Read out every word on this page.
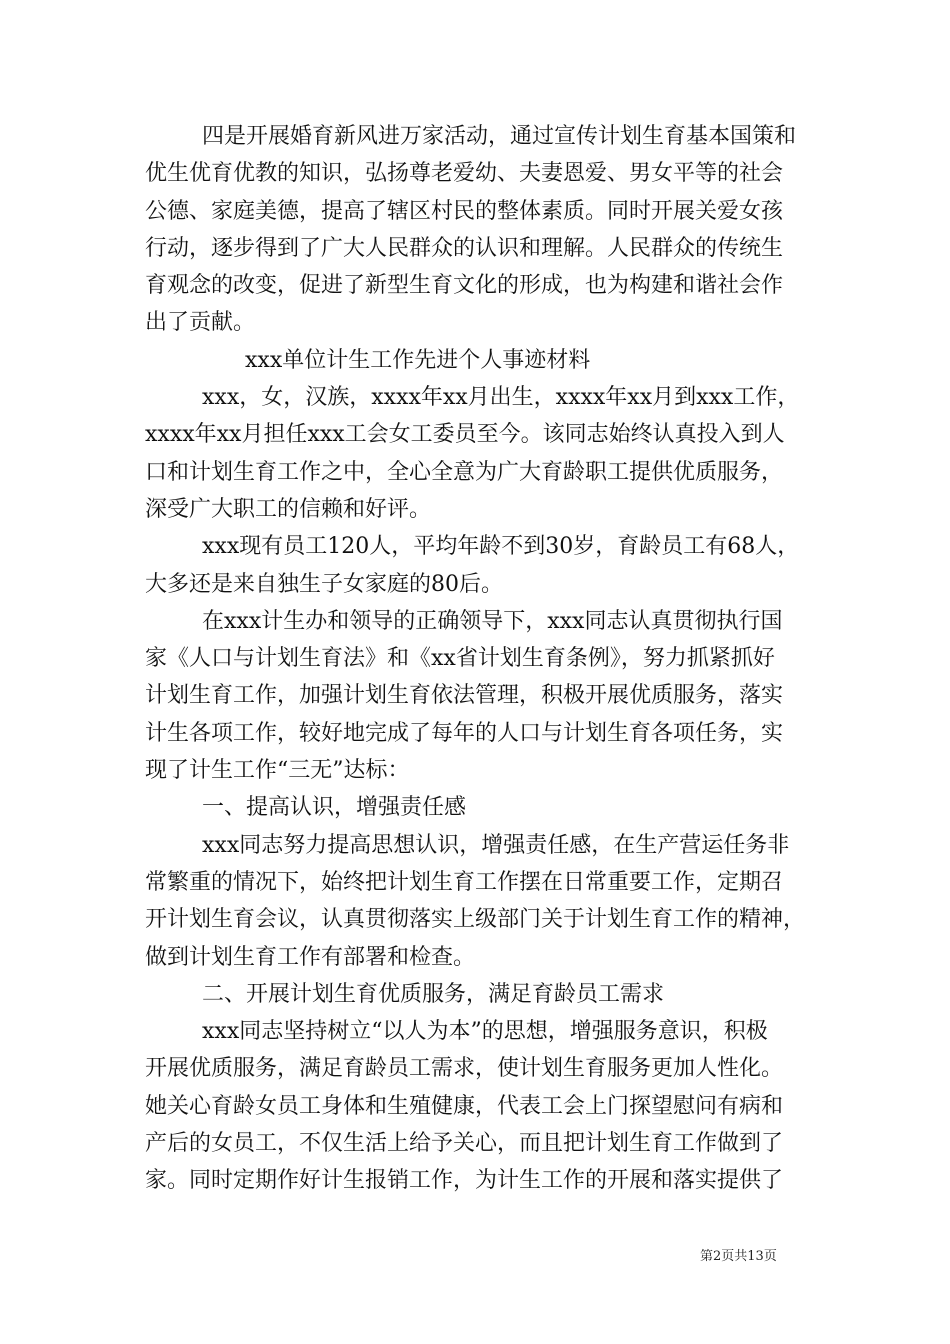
四是开展婚育新风进万家活动，通过宣传计划生育基本国策和
优生优育优教的知识，弘扬尊老爱幼、夫妻恩爱、男女平等的社会
公德、家庭美德，提高了辖区村民的整体素质。同时开展关爱女孩
行动，逐步得到了广大人民群众的认识和理解。人民群众的传统生
育观念的改变，促进了新型生育文化的形成，也为构建和谐社会作
出了贡献。
xxx单位计生工作先进个人事迹材料
xxx，女，汉族，xxxx年xx月出生，xxxx年xx月到xxx工作，
xxxx年xx月担任xxx工会女工委员至今。该同志始终认真投入到人
口和计划生育工作之中，全心全意为广大育龄职工提供优质服务，
深受广大职工的信赖和好评。
xxx现有员工120人，平均年龄不到30岁，育龄员工有68人，
大多还是来自独生子女家庭的80后。
在xxx计生办和领导的正确领导下，xxx同志认真贯彻执行国
家《人口与计划生育法》和《xx省计划生育条例》，努力抓紧抓好
计划生育工作，加强计划生育依法管理，积极开展优质服务，落实
计生各项工作，较好地完成了每年的人口与计划生育各项任务，实
现了计生工作“三无”达标：
一、提高认识，增强责任感
xxx同志努力提高思想认识，增强责任感，在生产营运任务非
常繁重的情况下，始终把计划生育工作摆在日常重要工作，定期召
开计划生育会议，认真贯彻落实上级部门关于计划生育工作的精神，
做到计划生育工作有部署和检查。
二、开展计划生育优质服务，满足育龄员工需求
xxx同志坚持树立“以人为本”的思想，增强服务意识，积极
开展优质服务，满足育龄员工需求，使计划生育服务更加人性化。
她关心育龄女员工身体和生殖健康，代表工会上门探望慰问有病和
产后的女员工，不仅生活上给予关心，而且把计划生育工作做到了
家。同时定期作好计生报销工作，为计生工作的开展和落实提供了
第2页共13页
